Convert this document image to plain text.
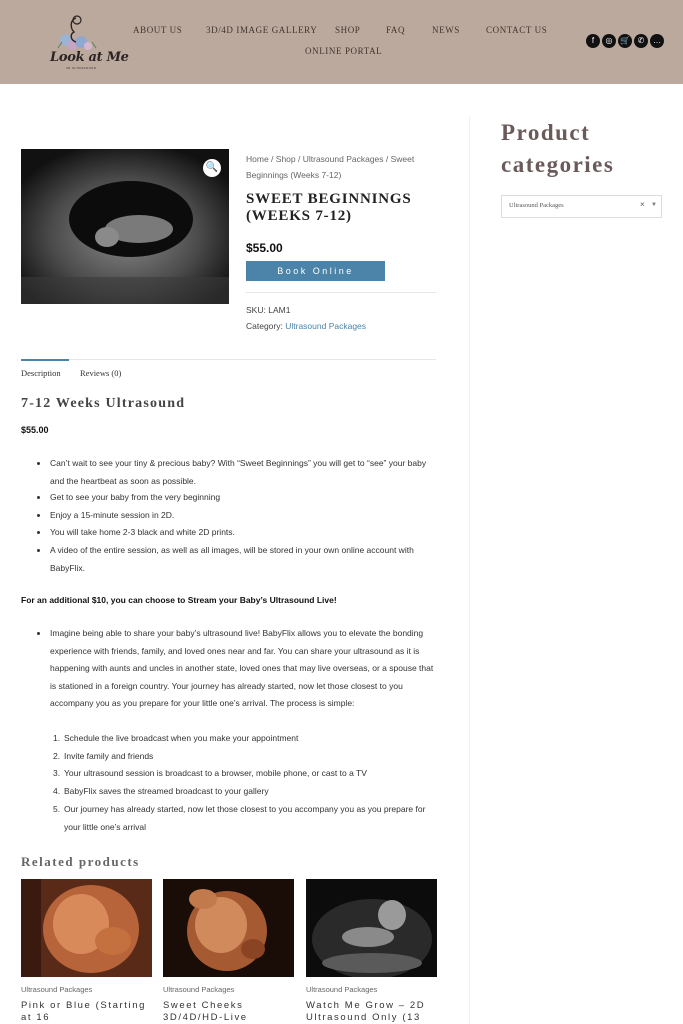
Look at Me
3D ULTRASOUND
ABOUT US	3D/4D IMAGE GALLERY SHOP	FAQ	NEWS	CONTACT US
ONLINE PORTAL
f	◎ 🛒 ✆	…
🔍
Home / Shop / Ultrasound Packages / Sweet Beginnings (Weeks 7-12)
SWEET BEGINNINGS (WEEKS 7-12)
$55.00
Book Online
SKU: LAM1
Category: Ultrasound Packages
Description Reviews (0)
7-12 Weeks Ultrasound
$55.00
Can’t wait to see your tiny & precious baby? With “Sweet Beginnings” you will get to “see” your baby and the heartbeat as soon as possible.
Get to see your baby from the very beginning
Enjoy a 15-minute session in 2D.
You will take home 2-3 black and white 2D prints.
A video of the entire session, as well as all images, will be stored in your own online account with BabyFlix.
For an additional $10, you can choose to Stream your Baby’s Ultrasound Live!
Imagine being able to share your baby’s ultrasound live! BabyFlix allows you to elevate the bonding experience with friends, family, and loved ones near and far. You can share your ultrasound as it is happening with aunts and uncles in another state, loved ones that may live overseas, or a spouse that is stationed in a foreign country. Your journey has already started, now let those closest to you accompany you as you prepare for your little one’s arrival. The process is simple:
1. Schedule the live broadcast when you make your appointment
2. Invite family and friends
3. Your ultrasound session is broadcast to a browser, mobile phone, or cast to a TV
4. BabyFlix saves the streamed broadcast to your gallery
5. Our journey has already started, now let those closest to you accompany you as you prepare for your little one’s arrival
Related products
Ultrasound Packages
Pink or Blue (Starting at 16
Ultrasound Packages
Sweet Cheeks 3D/4D/HD-Live
Ultrasound Packages
Watch Me Grow – 2D Ultrasound Only (13
Product categories
Ultrasound Packages	× ▼
